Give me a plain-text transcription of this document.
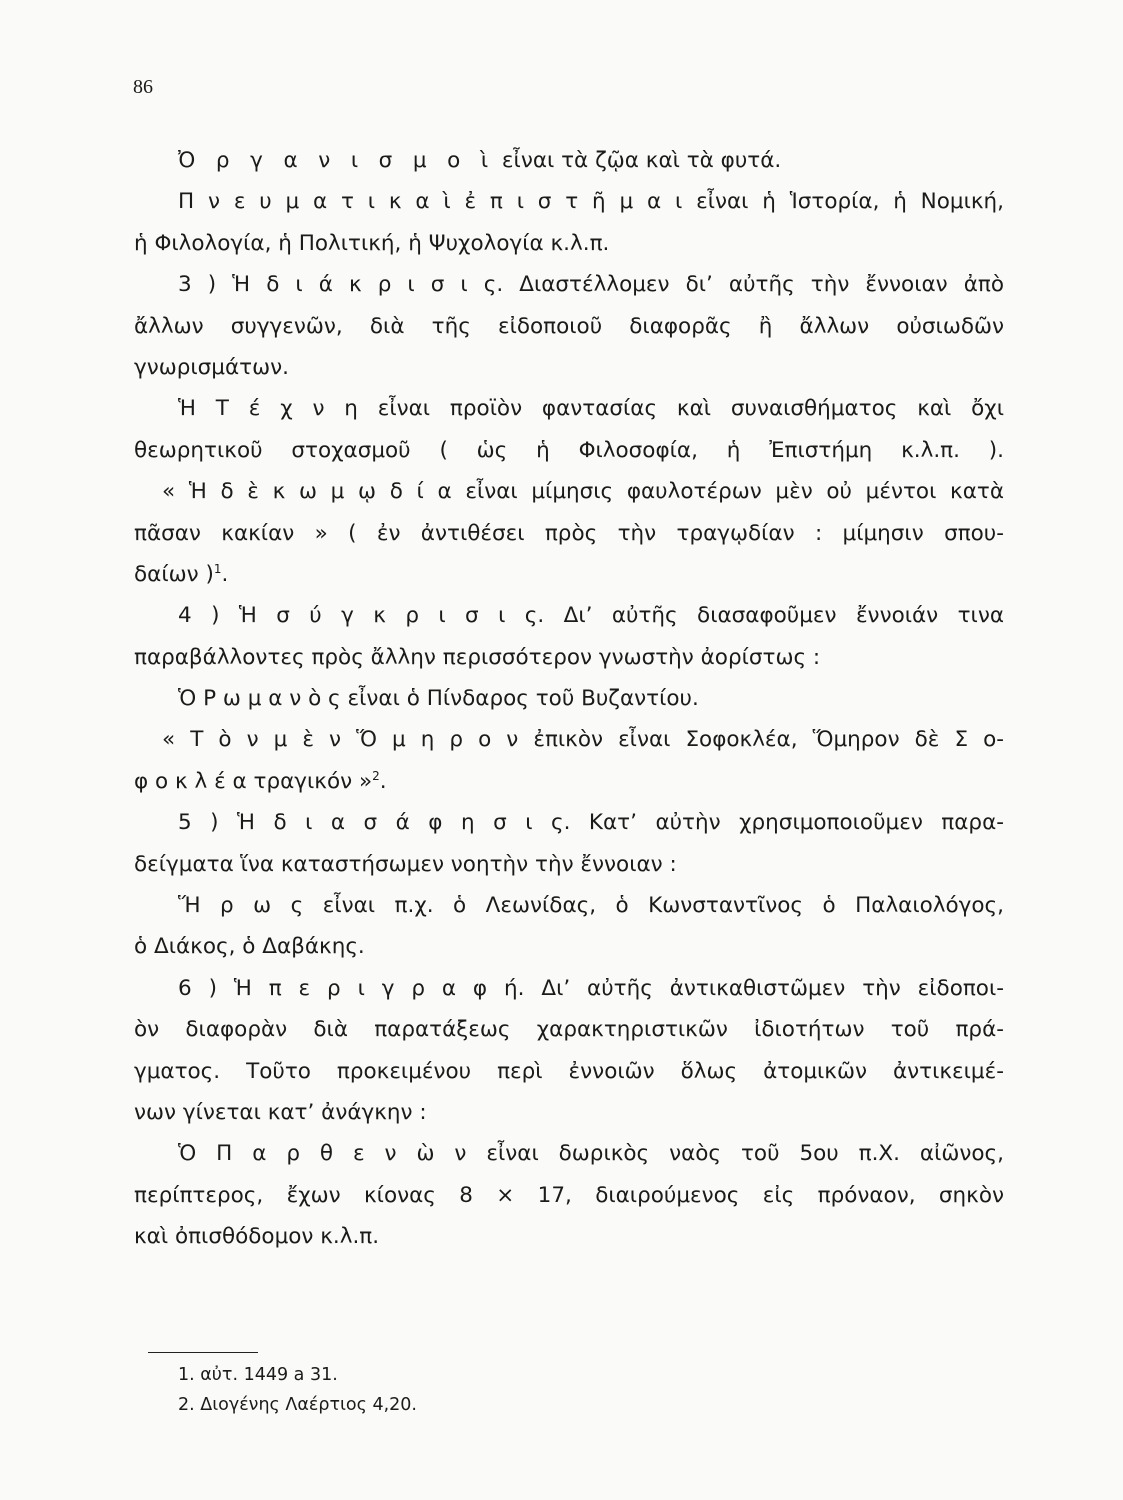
86
Ὀ ρ γ α ν ι σ μ ο ὶ εἶναι τὰ ζῷα καὶ τὰ φυτά.
Π ν ε υ μ α τ ι κ α ὶ ἐ π ι σ τ ῆ μ α ι εἶναι ἡ Ἱστορία, ἡ Νομική,
ἡ Φιλολογία, ἡ Πολιτική, ἡ Ψυχολογία κ.λ.π.
3 ) Ἡ δ ι ά κ ρ ι σ ι ς. Διαστέλλομεν δι’ αὐτῆς τὴν ἔννοιαν ἀπὸ
ἄλλων συγγενῶν, διὰ τῆς εἰδοποιοῦ διαφορᾶς ἢ ἄλλων οὐσιωδῶν
γνωρισμάτων.
Ἡ Τ έ χ ν η εἶναι προϊὸν φαντασίας καὶ συναισθήματος καὶ ὄχι
θεωρητικοῦ στοχασμοῦ ( ὡς ἡ Φιλοσοφία, ἡ Ἐπιστήμη κ.λ.π. ).
« Ἡ δ ὲ κ ω μ ῳ δ ί α εἶναι μίμησις φαυλοτέρων μὲν οὐ μέντοι κατὰ
πᾶσαν κακίαν » ( ἐν ἀντιθέσει πρὸς τὴν τραγῳδίαν : μίμησιν σπου-
δαίων )$^1$.
4 ) Ἡ σ ύ γ κ ρ ι σ ι ς. Δι’ αὐτῆς διασαφοῦμεν ἔννοιάν τινα
παραβάλλοντες πρὸς ἄλλην περισσότερον γνωστὴν ἀορίστως :
Ὁ Ρ ω μ α ν ὸ ς εἶναι ὁ Πίνδαρος τοῦ Βυζαντίου.
« Τ ὸ ν μ ὲ ν Ὅ μ η ρ ο ν ἐπικὸν εἶναι Σοφοκλέα, Ὅμηρον δὲ Σ ο-
φ ο κ λ έ α τραγικόν »$^2$.
5 ) Ἡ δ ι α σ ά φ η σ ι ς. Κατ’ αὐτὴν χρησιμοποιοῦμεν παρα-
δείγματα ἵνα καταστήσωμεν νοητὴν τὴν ἔννοιαν :
Ἥ ρ ω ς εἶναι π.χ. ὁ Λεωνίδας, ὁ Κωνσταντῖνος ὁ Παλαιολόγος,
ὁ Διάκος, ὁ Δαβάκης.
6 ) Ἡ π ε ρ ι γ ρ α φ ή. Δι’ αὐτῆς ἀντικαθιστῶμεν τὴν εἰδοποι-
ὸν διαφορὰν διὰ παρατάξεως χαρακτηριστικῶν ἰδιοτήτων τοῦ πρά-
γματος. Τοῦτο προκειμένου περὶ ἐννοιῶν ὅλως ἀτομικῶν ἀντικειμέ-
νων γίνεται κατ’ ἀνάγκην :
Ὁ Π α ρ θ ε ν ὼ ν εἶναι δωρικὸς ναὸς τοῦ 5ου π.Χ. αἰῶνος,
περίπτερος, ἔχων κίονας 8 × 17, διαιρούμενος εἰς πρόναον, σηκὸν
καὶ ὀπισθόδομον κ.λ.π.
1. αὐτ. 1449 a 31.
2. Διογένης Λαέρτιος 4,20.
